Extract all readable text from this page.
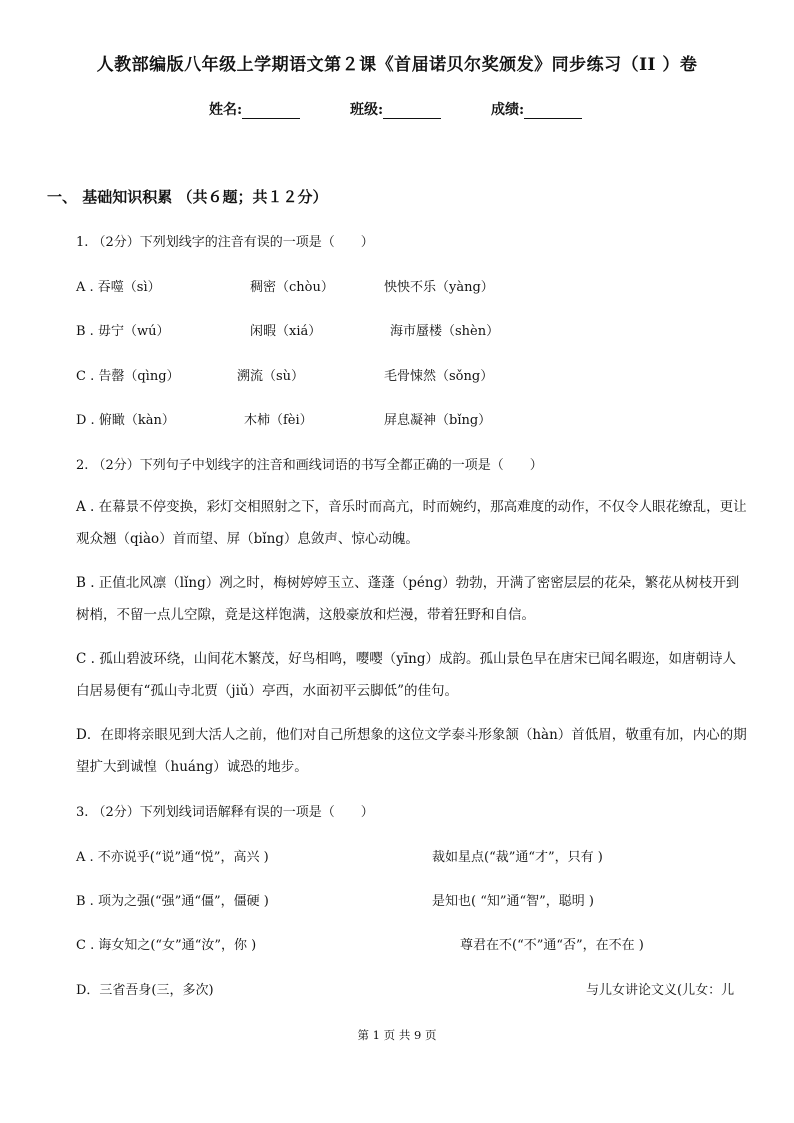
人教部编版八年级上学期语文第２课《首届诺贝尔奖颁发》同步练习（II ）卷
姓名:	班级:	成绩:
一、 基础知识积累 （共６题；共１２分）
1. （2分）下列划线字的注音有误的一项是（　　）
A . 吞噬（sì）	稠密（chòu）	怏怏不乐（yàng）
B . 毋宁（wú）	闲暇（xiá）	海市蜃楼（shèn）
C . 告罄（qìng）	溯流（sù）	毛骨悚然（sǒng）
D . 俯瞰（kàn）	木柿（fèi）	屏息凝神（bǐng）
2. （2分）下列句子中划线字的注音和画线词语的书写全都正确的一项是（　　）
A . 在幕景不停变换，彩灯交相照射之下，音乐时而高亢，时而婉约，那高难度的动作，不仅令人眼花缭乱，更让观众翘（qiào）首而望、屏（bǐng）息敛声、惊心动魄。
B . 正值北风凛（lǐng）冽之时，梅树婷婷玉立、蓬蓬（péng）勃勃，开满了密密层层的花朵，繁花从树枝开到树梢，不留一点儿空隙，竟是这样饱满，这般豪放和烂漫，带着狂野和自信。
C . 孤山碧波环绕，山间花木繁茂，好鸟相鸣，嘤嘤（yīng）成韵。孤山景色早在唐宋已闻名暇迩，如唐朝诗人白居易便有“孤山寺北贾（jiǔ）亭西，水面初平云脚低”的佳句。
D．在即将亲眼见到大活人之前，他们对自己所想象的这位文学泰斗形象颔（hàn）首低眉，敬重有加，内心的期望扩大到诚惶（huáng）诚恐的地步。
3. （2分）下列划线词语解释有误的一项是（　　）
A . 不亦说乎(“说”通“悦”，高兴 )	裁如星点(“裁”通“才”，只有 )
B . 项为之强(“强”通“僵”，僵硬 )	是知也( “知”通“智”，聪明 )
C . 诲女知之(“女”通“汝”，你 )	尊君在不(“不”通“否”，在不在 )
D．三省吾身(三，多次)	与儿女讲论文义(儿女：儿
第 1 页 共 9 页
